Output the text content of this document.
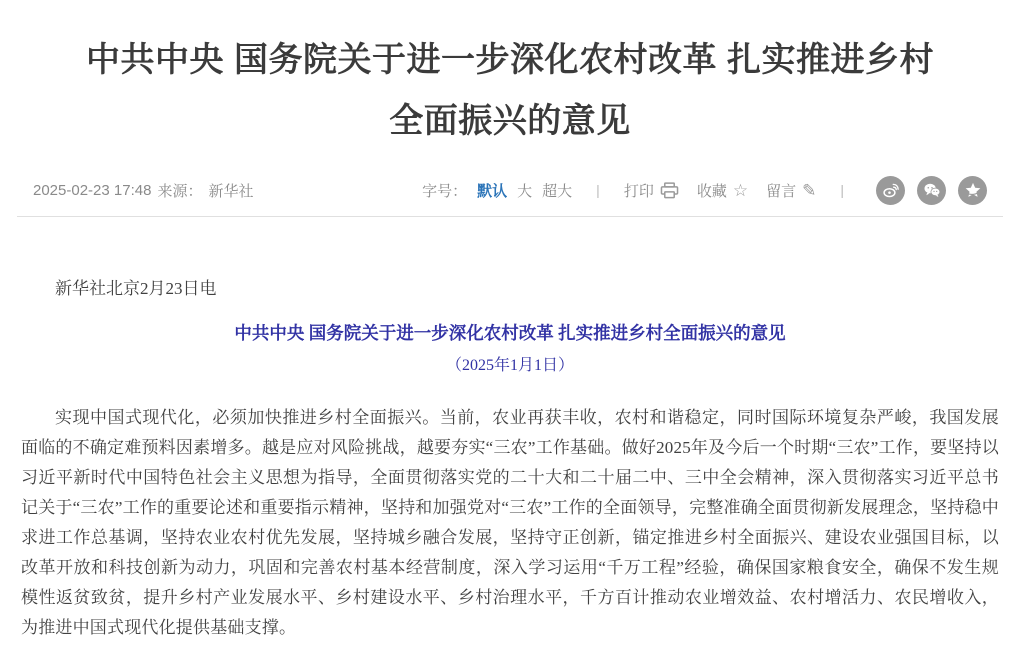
中共中央 国务院关于进一步深化农村改革 扎实推进乡村全面振兴的意见
2025-02-23 17:48 来源： 新华社	字号： 默认 大 超大	|	打印	收藏 ☆ 留言 ✎	|

新华社北京2月23日电

中共中央 国务院关于进一步深化农村改革 扎实推进乡村全面振兴的意见

（2025年1月1日）

实现中国式现代化，必须加快推进乡村全面振兴。当前，农业再获丰收，农村和谐稳定，同时国际环境复杂严峻，我国发展面临的不确定难预料因素增多。越是应对风险挑战，越要夯实“三农”工作基础。做好2025年及今后一个时期“三农”工作，要坚持以习近平新时代中国特色社会主义思想为指导，全面贯彻落实党的二十大和二十届二中、三中全会精神，深入贯彻落实习近平总书记关于“三农”工作的重要论述和重要指示精神，坚持和加强党对“三农”工作的全面领导，完整准确全面贯彻新发展理念，坚持稳中求进工作总基调，坚持农业农村优先发展，坚持城乡融合发展，坚持守正创新，锚定推进乡村全面振兴、建设农业强国目标，以改革开放和科技创新为动力，巩固和完善农村基本经营制度，深入学习运用“千万工程”经验，确保国家粮食安全，确保不发生规模性返贫致贫，提升乡村产业发展水平、乡村建设水平、乡村治理水平，千方百计推动农业增效益、农村增活力、农民增收入，为推进中国式现代化提供基础支撑。
